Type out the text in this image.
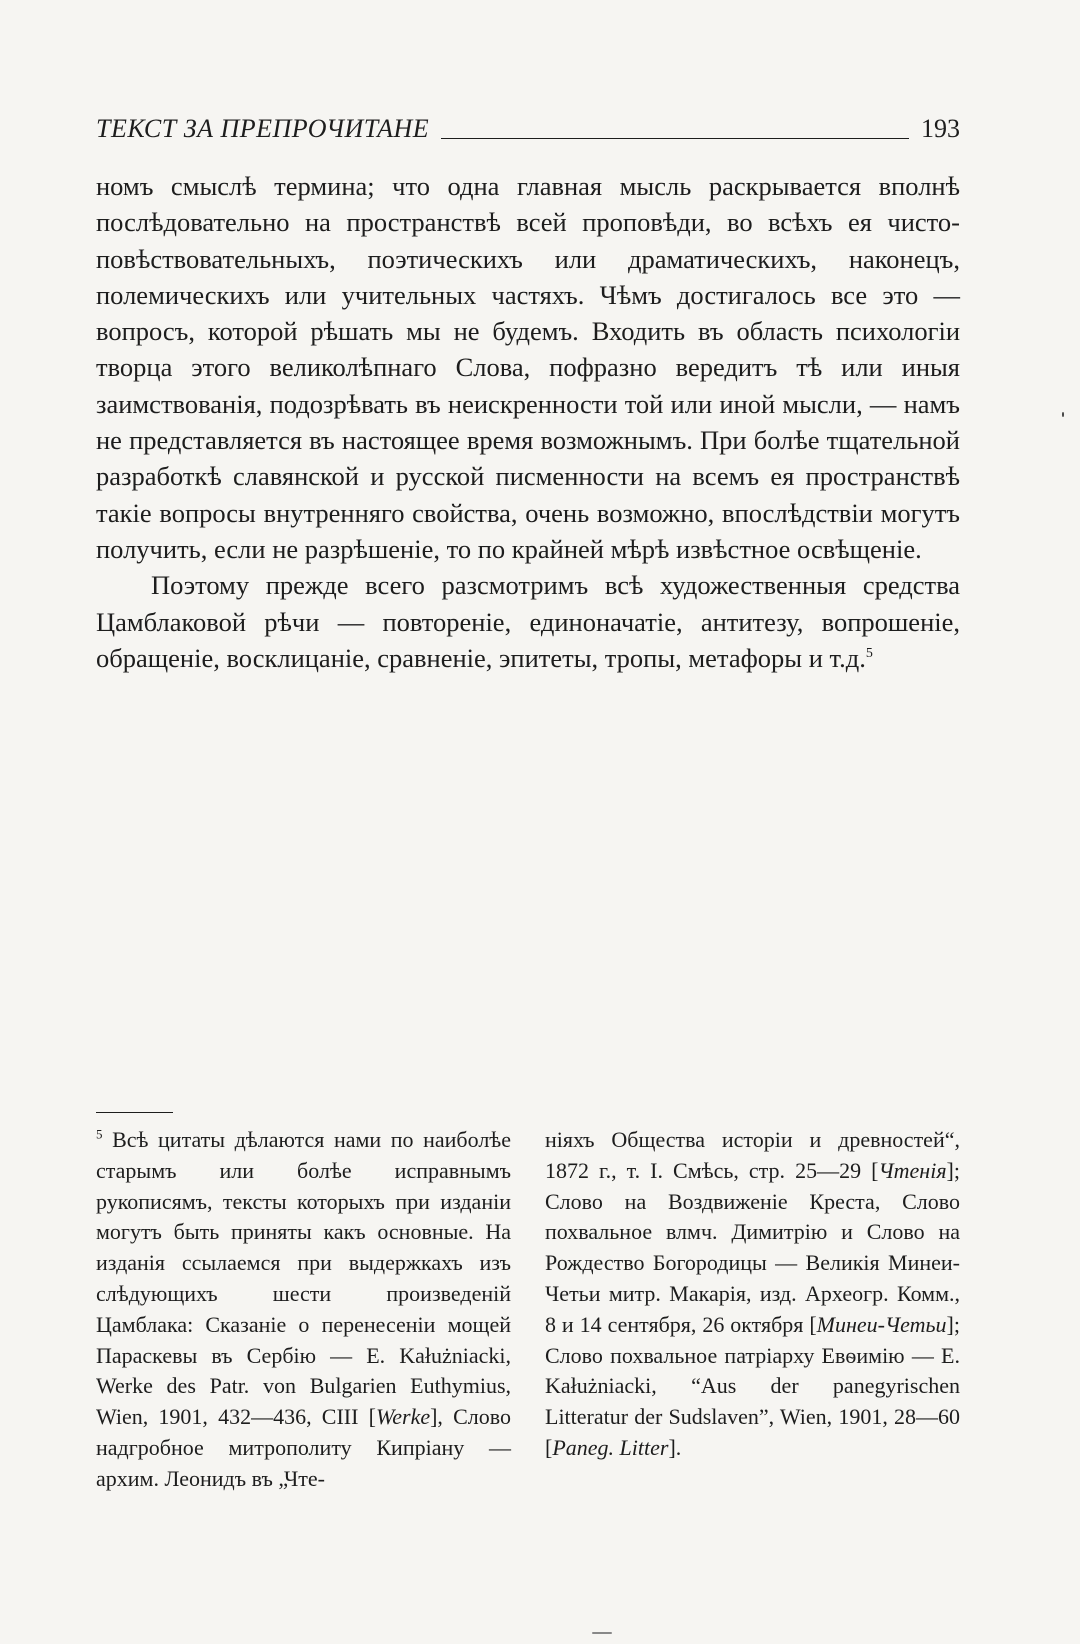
ТЕКСТ ЗА ПРЕПРОЧИТАНЕ	193

номъ смыслѣ термина; что одна главная мысль раскрывается вполнѣ послѣдовательно на пространствѣ всей проповѣди, во всѣхъ ея чисто-повѣствовательныхъ, поэтическихъ или драматическихъ, наконецъ, полемическихъ или учительных частяхъ. Чѣмъ достигалось все это — вопросъ, которой рѣшать мы не будемъ. Входить въ область психологіи творца этого великолѣпнаго Слова, пофразно вередитъ тѣ или иныя заимствованія, подозрѣвать въ неискренности той или иной мысли, — намъ не представляется въ настоящее время возможнымъ. При болѣе тщательной разработкѣ славянской и русской писменности на всемъ ея пространствѣ такіе вопросы внутренняго свойства, очень возможно, впослѣдствіи могутъ получить, если не разрѣшеніе, то по крайней мѣрѣ извѣстное освѣщеніе.

Поэтому прежде всего разсмотримъ всѣ художественныя средства Цамблаковой рѣчи — повтореніе, единоначатіе, антитезу, вопрошеніе, обращеніе, восклицаніе, сравненіе, эпитеты, тропы, метафоры и т.д.$^5$

$^5$ Всѣ цитаты дѣлаются нами по наиболѣе старымъ или болѣе исправнымъ рукописямъ, тексты которыхъ при изданіи могутъ быть приняты какъ основные. На изданія ссылаемся при выдержкахъ изъ слѣдующихъ шести произведеній Цамблака: Сказаніе о перенесеніи мощей Параскевы въ Сербію — E. Kałużniacki, Werke des Patr. von Bulgarien Euthymius, Wien, 1901, 432—436, CIII [Werke], Слово надгробное митрополиту Кипріану — архим. Леонидъ въ „Чте-

ніяхъ Общества исторіи и древностей“, 1872 г., т. I. Смѣсь, стр. 25—29 [Чтенія]; Слово на Воздвиженіе Креста, Слово похвальное влмч. Димитрію и Слово на Рождество Богородицы — Великія Минеи-Четьи митр. Макарія, изд. Археогр. Комм., 8 и 14 сентября, 26 октября [Минеи-Четьи]; Слово похвальное патріарху Евѳимію — E. Kałużniacki, “Aus der panegyrischen Litteratur der Sudslaven”, Wien, 1901, 28—60 [Paneg. Litter].
